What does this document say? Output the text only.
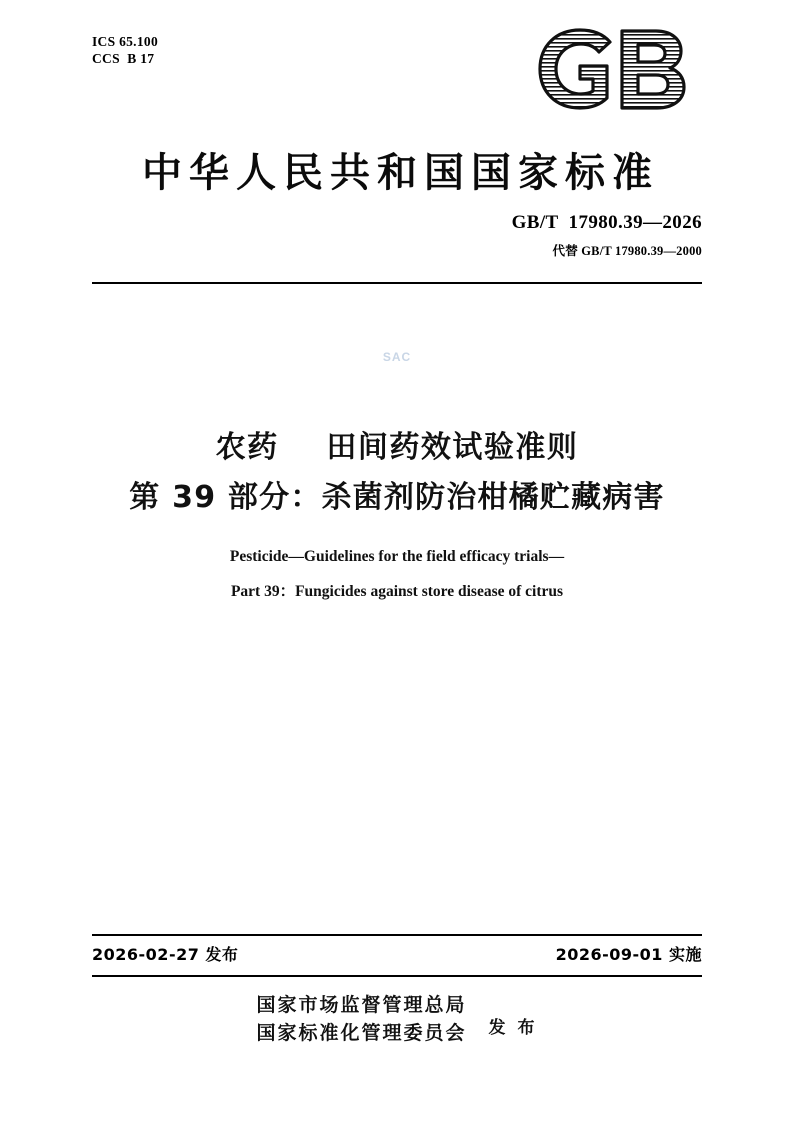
ICS 65.100
CCS  B 17
中华人民共和国国家标准
GB/T  17980.39—2026
代替 GB/T 17980.39—2000
SAC
农药    田间药效试验准则
第 39 部分：杀菌剂防治柑橘贮藏病害
Pesticide—Guidelines for the field efficacy trials—
Part 39：Fungicides against store disease of citrus
2026-02-27 发布	2026-09-01 实施
国家市场监督管理总局
国家标准化管理委员会 发 布
